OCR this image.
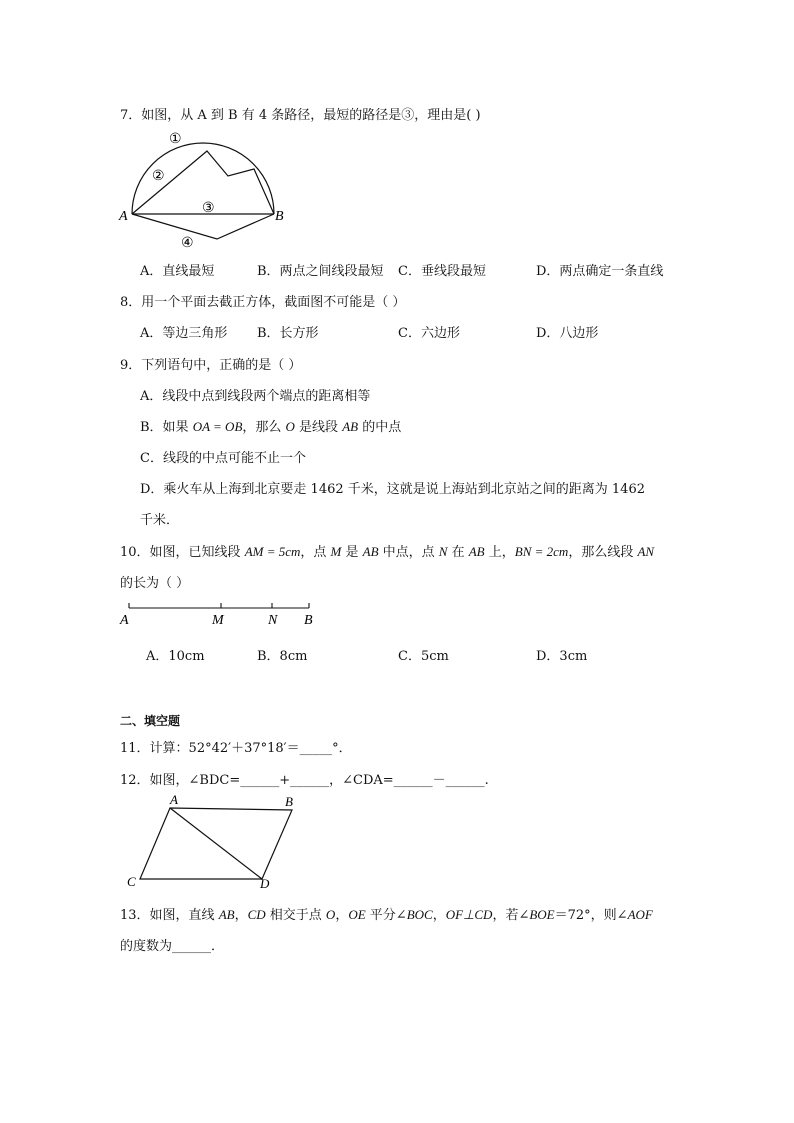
7．如图，从 A 到 B 有 4 条路径，最短的路径是③，理由是( )
①
②
③
④
A	B
A．直线最短	B．两点之间线段最短 C．垂线段最短	D．两点确定一条直线
8．用一个平面去截正方体，截面图不可能是（ ）
A．等边三角形 B．长方形	C．六边形	D．八边形
9．下列语句中，正确的是（ ）
A．线段中点到线段两个端点的距离相等
B．如果 OA = OB，那么 O 是线段 AB 的中点
C．线段的中点可能不止一个
D．乘火车从上海到北京要走 1462 千米，这就是说上海站到北京站之间的距离为 1462
千米．
10．如图，已知线段 AM = 5cm，点 M 是 AB 中点，点 N 在 AB 上，BN = 2cm，那么线段 AN
的长为（ ）
A	M	N B
A．10cm	B．8cm	C．5cm	D．3cm
二、填空题
11．计算：52°42′＋37°18′＝_____°．
12．如图，∠BDC=______+______，∠CDA=______－______.
A	B
C	D
13．如图，直线 AB，CD 相交于点 O，OE 平分∠BOC，OF⊥CD，若∠BOE＝72°，则∠AOF
的度数为______．
